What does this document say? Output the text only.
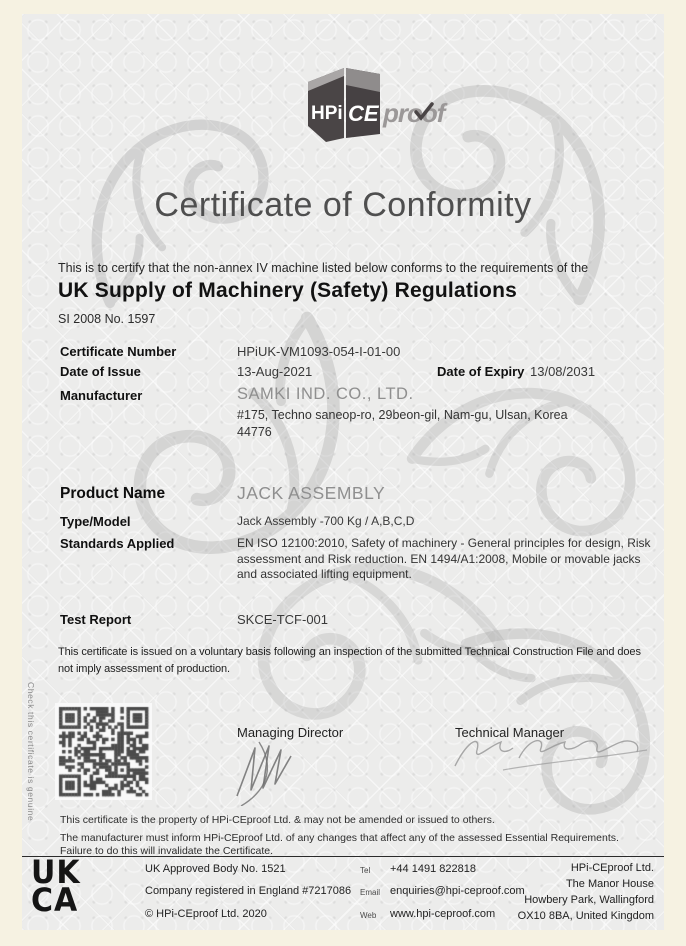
HPi CE proof
Certificate of Conformity
This is to certify that the non-annex IV machine listed below conforms to the requirements of the
UK Supply of Machinery (Safety) Regulations
SI 2008 No. 1597
Certificate Number	HPiUK-VM1093-054-I-01-00
Date of Issue	13-Aug-2021	Date of Expiry 13/08/2031
Manufacturer	SAMKI IND. CO., LTD.
#175, Techno saneop-ro, 29beon-gil, Nam-gu, Ulsan, Korea
44776
Product Name	JACK ASSEMBLY
Type/Model	Jack Assembly -700 Kg / A,B,C,D
Standards Applied	EN ISO 12100:2010, Safety of machinery - General principles for design, Risk assessment and Risk reduction. EN 1494/A1:2008, Mobile or movable jacks and associated lifting equipment.
Test Report	SKCE-TCF-001
This certificate is issued on a voluntary basis following an inspection of the submitted Technical Construction File and does not imply assessment of production.
Check this certificate is genuine	Managing Director	Technical Manager
This certificate is the property of HPi-CEproof Ltd. & may not be amended or issued to others.
The manufacturer must inform HPi-CEproof Ltd. of any changes that affect any of the assessed Essential Requirements.
Failure to do this will invalidate the Certificate.
UK
CA
UK Approved Body No. 1521
Company registered in England #7217086
© HPi-CEproof Ltd. 2020
Tel +44 1491 822818
Email enquiries@hpi-ceproof.com
Web www.hpi-ceproof.com
HPi-CEproof Ltd.
The Manor House
Howbery Park, Wallingford
OX10 8BA, United Kingdom
